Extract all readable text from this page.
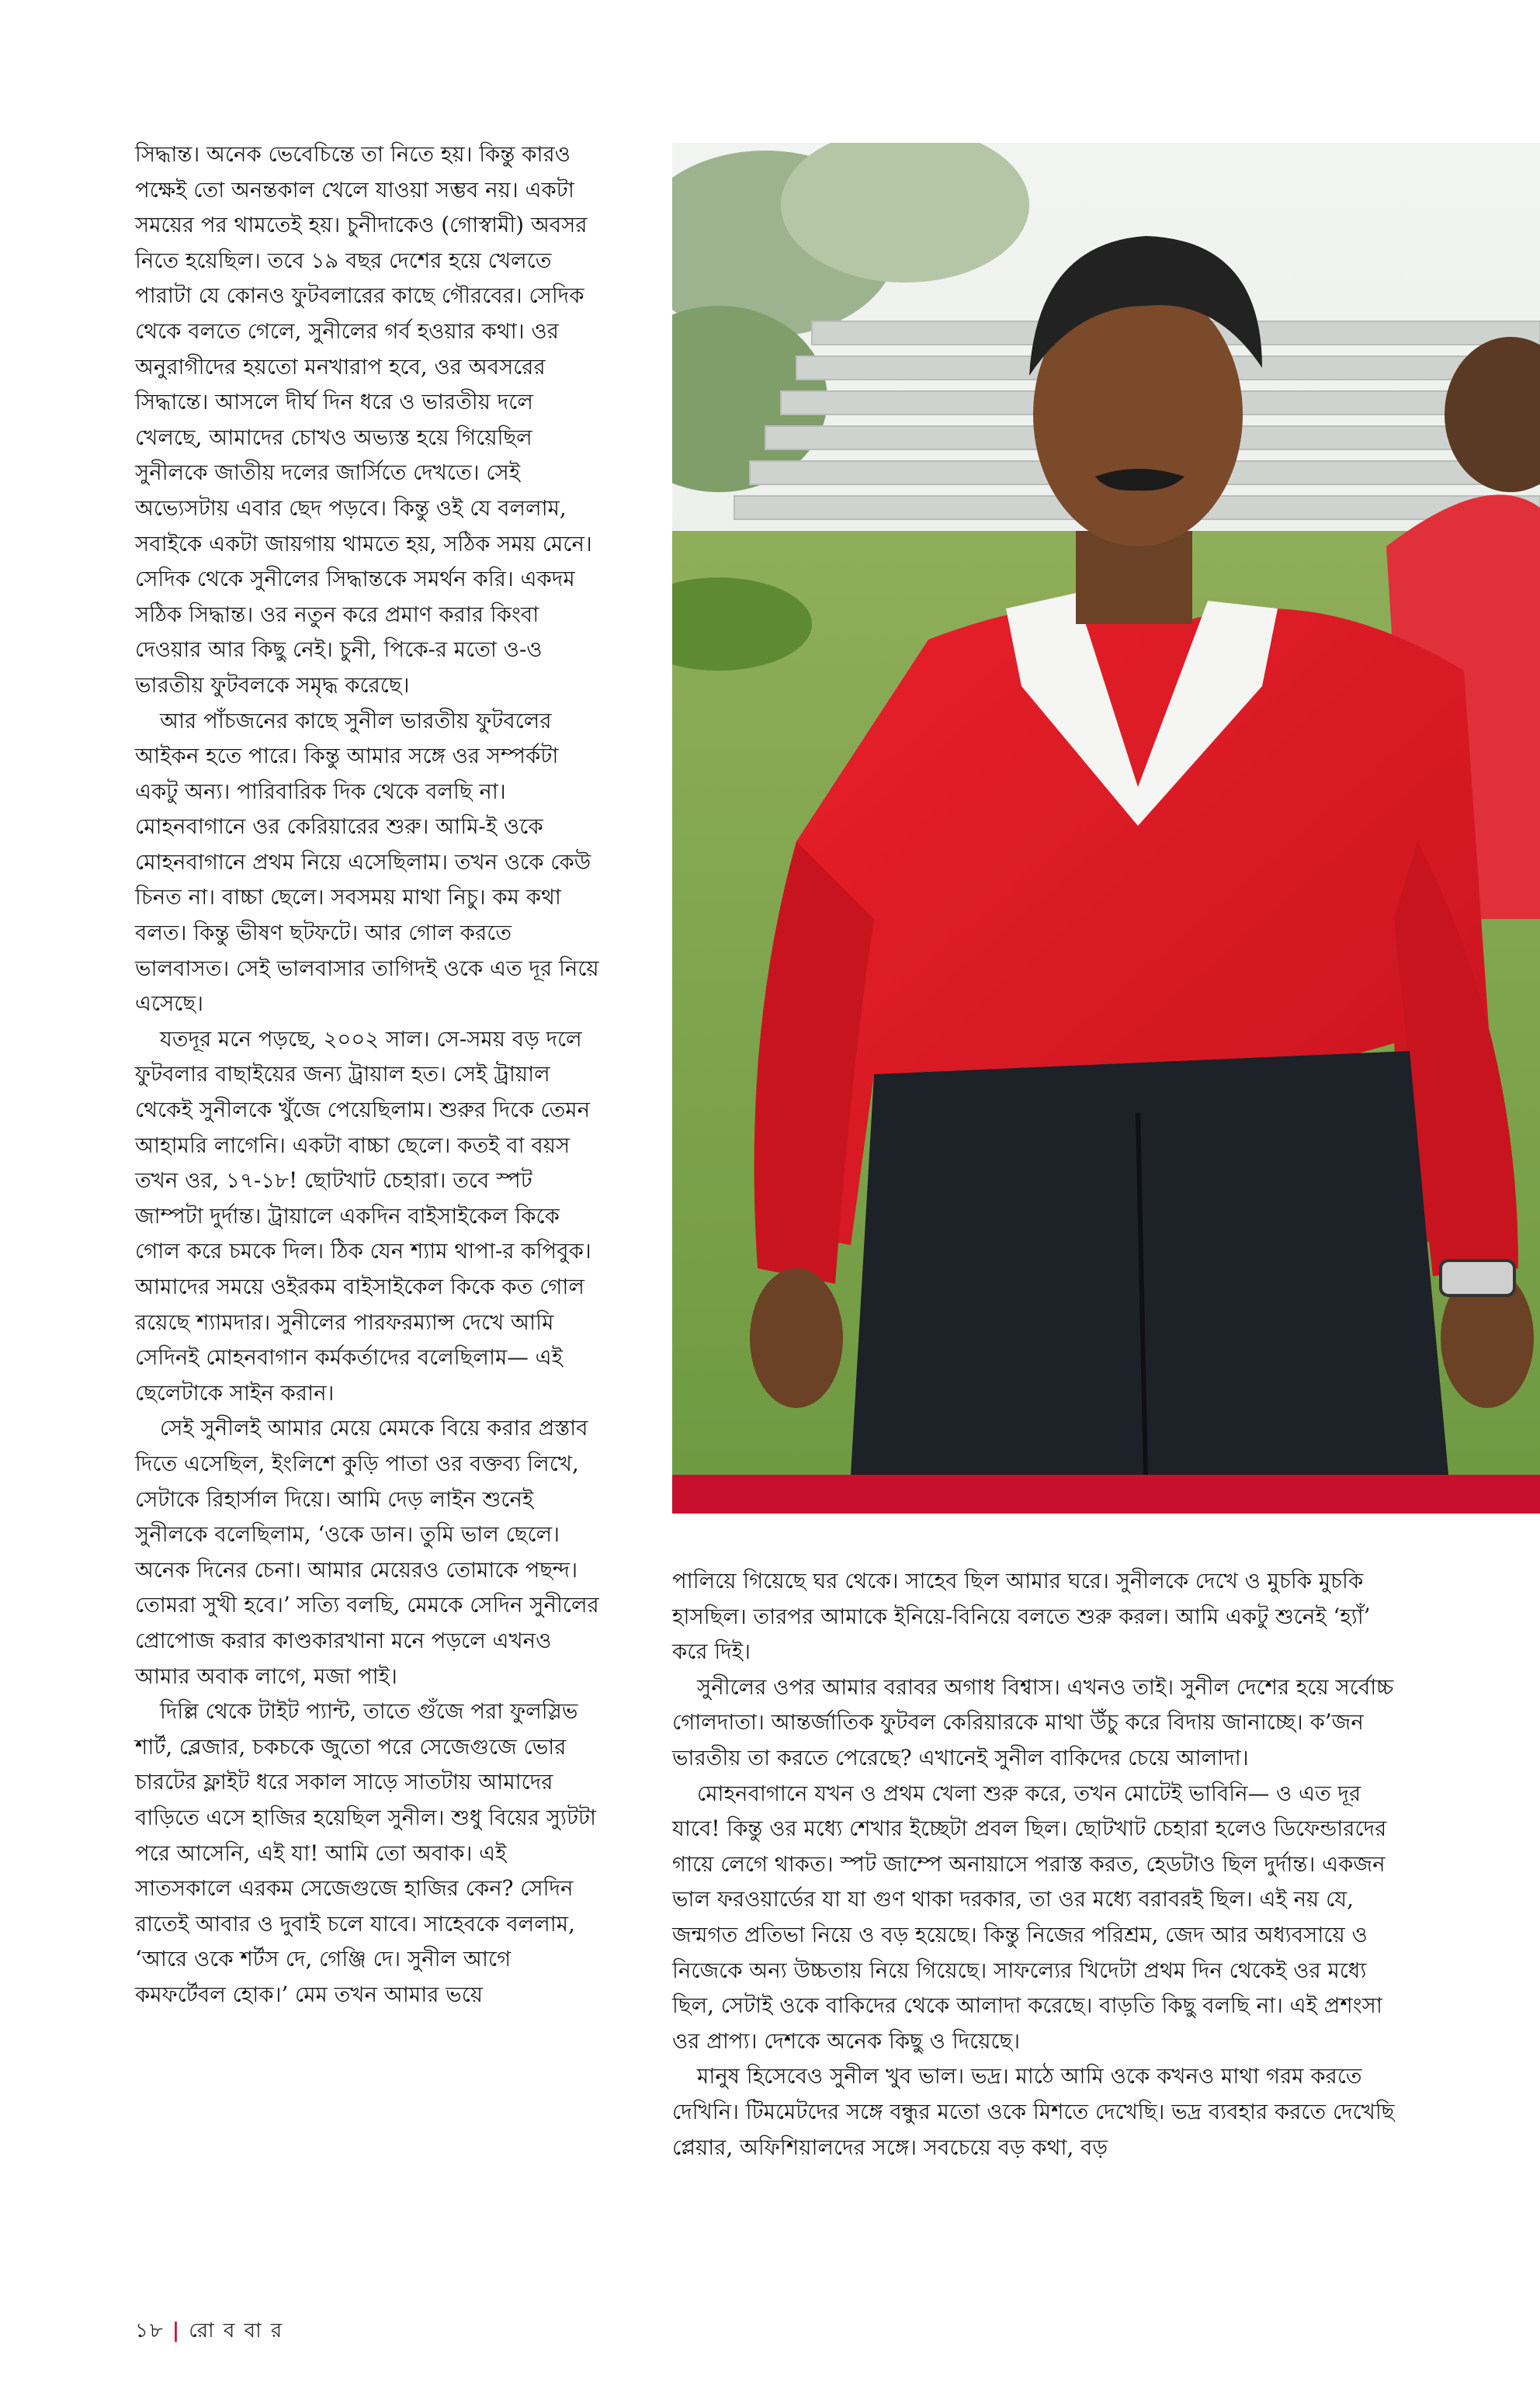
সিদ্ধান্ত। অনেক ভেবেচিন্তে তা নিতে হয়। কিন্তু কারও পক্ষেই তো অনন্তকাল খেলে যাওয়া সম্ভব নয়। একটা সময়ের পর থামতেই হয়। চুনীদাকেও (গোস্বামী) অবসর নিতে হয়েছিল। তবে ১৯ বছর দেশের হয়ে খেলতে পারাটা যে কোনও ফুটবলারের কাছে গৌরবের। সেদিক থেকে বলতে গেলে, সুনীলের গর্ব হওয়ার কথা। ওর অনুরাগীদের হয়তো মনখারাপ হবে, ওর অবসরের সিদ্ধান্তে। আসলে দীর্ঘ দিন ধরে ও ভারতীয় দলে খেলছে, আমাদের চোখও অভ্যস্ত হয়ে গিয়েছিল সুনীলকে জাতীয় দলের জার্সিতে দেখতে। সেই অভ্যেসটায় এবার ছেদ পড়বে। কিন্তু ওই যে বললাম, সবাইকে একটা জায়গায় থামতে হয়, সঠিক সময় মেনে। সেদিক থেকে সুনীলের সিদ্ধান্তকে সমর্থন করি। একদম সঠিক সিদ্ধান্ত। ওর নতুন করে প্রমাণ করার কিংবা দেওয়ার আর কিছু নেই। চুনী, পিকে-র মতো ও-ও ভারতীয় ফুটবলকে সমৃদ্ধ করেছে।

আর পাঁচজনের কাছে সুনীল ভারতীয় ফুটবলের আইকন হতে পারে। কিন্তু আমার সঙ্গে ওর সম্পর্কটা একটু অন্য। পারিবারিক দিক থেকে বলছি না। মোহনবাগানে ওর কেরিয়ারের শুরু। আমি-ই ওকে মোহনবাগানে প্রথম নিয়ে এসেছিলাম। তখন ওকে কেউ চিনত না। বাচ্চা ছেলে। সবসময় মাথা নিচু। কম কথা বলত। কিন্তু ভীষণ ছটফটে। আর গোল করতে ভালবাসত। সেই ভালবাসার তাগিদই ওকে এত দূর নিয়ে এসেছে।

যতদূর মনে পড়ছে, ২০০২ সাল। সে-সময় বড় দলে ফুটবলার বাছাইয়ের জন্য ট্রায়াল হত। সেই ট্রায়াল থেকেই সুনীলকে খুঁজে পেয়েছিলাম। শুরুর দিকে তেমন আহামরি লাগেনি। একটা বাচ্চা ছেলে। কতই বা বয়স তখন ওর, ১৭-১৮! ছোটখাট চেহারা। তবে স্পট জাম্পটা দুর্দান্ত। ট্রায়ালে একদিন বাইসাইকেল কিকে গোল করে চমকে দিল। ঠিক যেন শ্যাম থাপা-র কপিবুক। আমাদের সময়ে ওইরকম বাইসাইকেল কিকে কত গোল রয়েছে শ্যামদার। সুনীলের পারফরম্যান্স দেখে আমি সেদিনই মোহনবাগান কর্মকর্তাদের বলেছিলাম— এই ছেলেটাকে সাইন করান।

সেই সুনীলই আমার মেয়ে মেমকে বিয়ে করার প্রস্তাব দিতে এসেছিল, ইংলিশে কুড়ি পাতা ওর বক্তব্য লিখে, সেটাকে রিহার্সাল দিয়ে। আমি দেড় লাইন শুনেই সুনীলকে বলেছিলাম, ‘ওকে ডান। তুমি ভাল ছেলে। অনেক দিনের চেনা। আমার মেয়েরও তোমাকে পছন্দ। তোমরা সুখী হবে।’ সত্যি বলছি, মেমকে সেদিন সুনীলের প্রোপোজ করার কাণ্ডকারখানা মনে পড়লে এখনও আমার অবাক লাগে, মজা পাই।

দিল্লি থেকে টাইট প্যান্ট, তাতে গুঁজে পরা ফুলস্লিভ শার্ট, ব্লেজার, চকচকে জুতো পরে সেজেগুজে ভোর চারটের ফ্লাইট ধরে সকাল সাড়ে সাতটায় আমাদের বাড়িতে এসে হাজির হয়েছিল সুনীল। শুধু বিয়ের স্যুটটা পরে আসেনি, এই যা! আমি তো অবাক। এই সাতসকালে এরকম সেজেগুজে হাজির কেন? সেদিন রাতেই আবার ও দুবাই চলে যাবে। সাহেবকে বললাম, ‘আরে ওকে শর্টস দে, গেঞ্জি দে। সুনীল আগে কমফর্টেবল হোক।’ মেম তখন আমার ভয়ে

পালিয়ে গিয়েছে ঘর থেকে। সাহেব ছিল আমার ঘরে। সুনীলকে দেখে ও মুচকি মুচকি হাসছিল। তারপর আমাকে ইনিয়ে-বিনিয়ে বলতে শুরু করল। আমি একটু শুনেই ‘হ্যাঁ’ করে দিই।

সুনীলের ওপর আমার বরাবর অগাধ বিশ্বাস। এখনও তাই। সুনীল দেশের হয়ে সর্বোচ্চ গোলদাতা। আন্তর্জাতিক ফুটবল কেরিয়ারকে মাথা উঁচু করে বিদায় জানাচ্ছে। ক’জন ভারতীয় তা করতে পেরেছে? এখানেই সুনীল বাকিদের চেয়ে আলাদা।

মোহনবাগানে যখন ও প্রথম খেলা শুরু করে, তখন মোটেই ভাবিনি— ও এত দূর যাবে! কিন্তু ওর মধ্যে শেখার ইচ্ছেটা প্রবল ছিল। ছোটখাট চেহারা হলেও ডিফেন্ডারদের গায়ে লেগে থাকত। স্পট জাম্পে অনায়াসে পরাস্ত করত, হেডটাও ছিল দুর্দান্ত। একজন ভাল ফরওয়ার্ডের যা যা গুণ থাকা দরকার, তা ওর মধ্যে বরাবরই ছিল। এই নয় যে, জন্মগত প্রতিভা নিয়ে ও বড় হয়েছে। কিন্তু নিজের পরিশ্রম, জেদ আর অধ্যবসায়ে ও নিজেকে অন্য উচ্চতায় নিয়ে গিয়েছে। সাফল্যের খিদেটা প্রথম দিন থেকেই ওর মধ্যে ছিল, সেটাই ওকে বাকিদের থেকে আলাদা করেছে। বাড়তি কিছু বলছি না। এই প্রশংসা ওর প্রাপ্য। দেশকে অনেক কিছু ও দিয়েছে।

মানুষ হিসেবেও সুনীল খুব ভাল। ভদ্র। মাঠে আমি ওকে কখনও মাথা গরম করতে দেখিনি। টিমমেটদের সঙ্গে বন্ধুর মতো ওকে মিশতে দেখেছি। ভদ্র ব্যবহার করতে দেখেছি প্লেয়ার, অফিশিয়ালদের সঙ্গে। সবচেয়ে বড় কথা, বড়

১৮ | রো ব বা র
